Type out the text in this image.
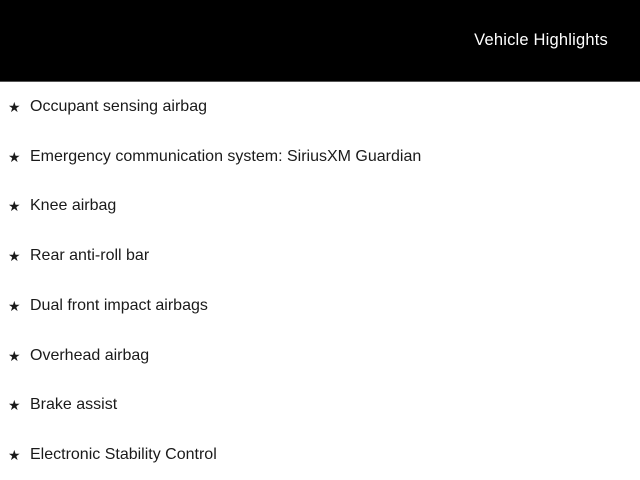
Vehicle Highlights
★ Occupant sensing airbag
★ Emergency communication system: SiriusXM Guardian
★ Knee airbag
★ Rear anti-roll bar
★ Dual front impact airbags
★ Overhead airbag
★ Brake assist
★ Electronic Stability Control
